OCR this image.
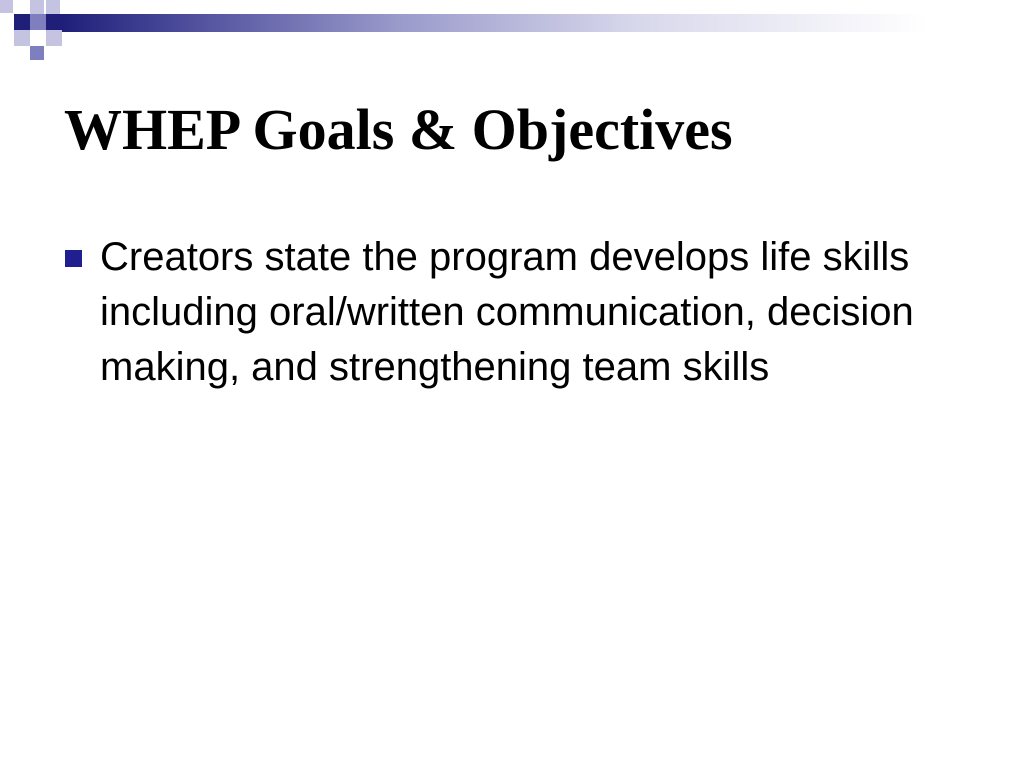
WHEP Goals & Objectives
Creators state the program develops life skills including oral/written communication, decision making, and strengthening team skills
